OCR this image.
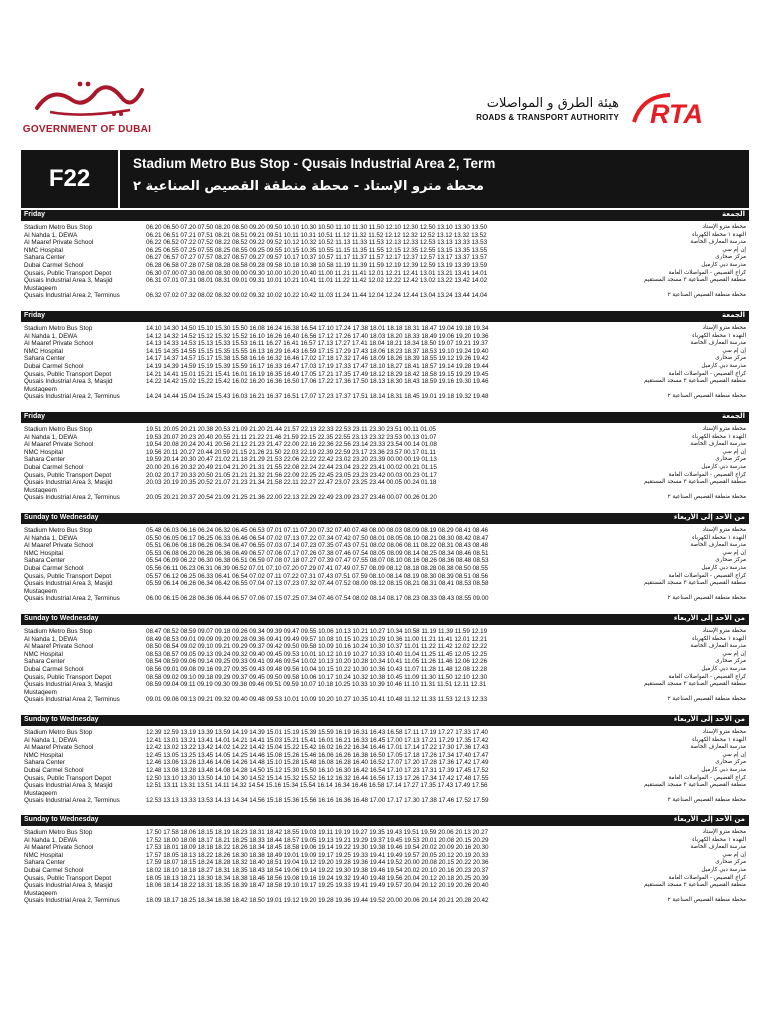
GOVERNMENT OF DUBAI
هيئة الطرق و المواصلات
ROADS & TRANSPORT AUTHORITY RTA
F22
Stadium Metro Bus Stop - Qusais Industrial Area 2, Term
محطة مترو الإستاد - محطة منطقة القصيص الصناعية ٢
Friday	الجمعة
Stadium Metro Bus Stop	06.20 06.50 07.20 07.50 08.20 08.50 09.20 09.50 10.10 10.30 10.50 11.10 11.30 11.50 12.10 12.30 12.50 13.10 13.30 13.50	محطة مترو الإستاد
Al Nahda 1, DEWA	06.21 06.51 07.21 07.51 08.21 08.51 09.21 09.51 10.11 10.31 10.51 11.12 11.32 11.52 12.12 12.32 12.52 13.12 13.32 13.52	النهدة ١ محطة الكهرباء
Al Maaref Private School	06.22 06.52 07.22 07.52 08.22 08.52 09.22 09.52 10.12 10.32 10.52 11.13 11.33 11.53 12.13 12.33 12.53 13.13 13.33 13.53	مدرسة المعارف الخاصة
NMC Hospital	06.25 06.55 07.25 07.55 08.25 08.55 09.25 09.55 10.15 10.35 10.55 11.15 11.35 11.55 12.15 12.35 12.55 13.15 13.35 13.55	إن إم سي
Sahara Center	06.27 06.57 07.27 07.57 08.27 08.57 09.27 09.57 10.17 10.37 10.57 11.17 11.37 11.57 12.17 12.37 12.57 13.17 13.37 13.57	مركز صحارى
Dubai Carmel School	06.28 06.58 07.28 07.58 08.28 08.58 09.28 09.58 10.18 10.38 10.58 11.19 11.39 11.59 12.19 12.39 12.59 13.19 13.39 13.59	مدرسة دبي كارميل
Qusais, Public Transport Depot	06.30 07.00 07.30 08.00 08.30 09.00 09.30 10.00 10.20 10.40 11.00 11.21 11.41 12.01 12.21 12.41 13.01 13.21 13.41 14.01	كراج القصيص - المواصلات العامة
Qusais Industrial Area 3, Masjid Mustaqeem
06.31 07.01 07.31 08.01 08.31 09.01 09.31 10.01 10.21 10.41 11.01 11.22 11.42 12.02 12.22 12.42 13.02 13.22 13.42 14.02	منطقة القصيص الصناعية ٣ مسجد المستقيم
Qusais Industrial Area 2, Terminus	06.32 07.02 07.32 08.02 08.32 09.02 09.32 10.02 10.22 10.42 11.03 11.24 11.44 12.04 12.24 12.44 13.04 13.24 13.44 14.04	محطة منطقة القصيص الصناعية ٢
Friday	الجمعة
Stadium Metro Bus Stop	14.10 14.30 14.50 15.10 15.30 15.50 16.08 16.24 16.38 16.54 17.10 17.24 17.38 18.01 18.18 18.31 18.47 19.04 19.18 19.34	محطة مترو الإستاد
Al Nahda 1, DEWA	14.12 14.32 14.52 15.12 15.32 15.52 16.10 16.26 16.40 16.56 17.12 17.26 17.40 18.03 18.20 18.33 18.49 19.06 19.20 19.36	النهدة ١ محطة الكهرباء
Al Maaref Private School	14.13 14.33 14.53 15.13 15.33 15.53 16.11 16.27 16.41 16.57 17.13 17.27 17.41 18.04 18.21 18.34 18.50 19.07 19.21 19.37	مدرسة المعارف الخاصة
NMC Hospital	14.15 14.35 14.55 15.15 15.35 15.55 16.13 16.29 16.43 16.59 17.15 17.29 17.43 18.06 18.23 18.37 18.53 19.10 19.24 19.40	إن إم سي
Sahara Center	14.17 14.37 14.57 15.17 15.38 15.58 16.16 16.32 16.46 17.02 17.18 17.32 17.46 18.09 18.26 18.39 18.55 19.12 19.26 19.42	مركز صحارى
Dubai Carmel School	14.19 14.39 14.59 15.19 15.39 15.59 16.17 16.33 16.47 17.03 17.19 17.33 17.47 18.10 18.27 18.41 18.57 19.14 19.28 19.44	مدرسة دبي كارميل
Qusais, Public Transport Depot	14.21 14.41 15.01 15.21 15.41 16.01 16.19 16.35 16.49 17.05 17.21 17.35 17.49 18.12 18.29 18.42 18.58 19.15 19.29 19.45	كراج القصيص - المواصلات العامة
Qusais Industrial Area 3, Masjid Mustaqeem
14.22 14.42 15.02 15.22 15.42 16.02 16.20 16.36 16.50 17.06 17.22 17.36 17.50 18.13 18.30 18.43 18.59 19.16 19.30 19.46	منطقة القصيص الصناعية ٣ مسجد المستقيم
Qusais Industrial Area 2, Terminus	14.24 14.44 15.04 15.24 15.43 16.03 16.21 16.37 16.51 17.07 17.23 17.37 17.51 18.14 18.31 18.45 19.01 19.18 19.32 19.48	محطة منطقة القصيص الصناعية ٢
Friday	الجمعة
Stadium Metro Bus Stop	19.51 20.05 20.21 20.38 20.53 21.09 21.20 21.44 21.57 22.13 22.33 22.53 23.11 23.30 23.51 00.11 01.05	محطة مترو الإستاد
Al Nahda 1, DEWA	19.53 20.07 20.23 20.40 20.55 21.11 21.22 21.46 21.59 22.15 22.35 22.55 23.13 23.32 23.53 00.13 01.07	النهدة ١ محطة الكهرباء
Al Maaref Private School	19.54 20.08 20.24 20.41 20.56 21.12 21.23 21.47 22.00 22.16 22.36 22.56 23.14 23.33 23.54 00.14 01.08	مدرسة المعارف الخاصة
NMC Hospital	19.56 20.11 20.27 20.44 20.59 21.15 21.26 21.50 22.03 22.19 22.39 22.59 23.17 23.36 23.57 00.17 01.11	إن إم سي
Sahara Center	19.59 20.14 20.30 20.47 21.02 21.18 21.29 21.53 22.06 22.22 22.42 23.02 23.20 23.39 00.00 00.19 01.13	مركز صحارى
Dubai Carmel School	20.00 20.16 20.32 20.49 21.04 21.20 21.31 21.55 22.08 22.24 22.44 23.04 23.22 23.41 00.02 00.21 01.15	مدرسة دبي كارميل
Qusais, Public Transport Depot	20.02 20.17 20.33 20.50 21.05 21.21 21.32 21.56 22.09 22.25 22.45 23.05 23.23 23.42 00.03 00.23 01.17	كراج القصيص - المواصلات العامة
Qusais Industrial Area 3, Masjid Mustaqeem
20.03 20.19 20.35 20.52 21.07 21.23 21.34 21.58 22.11 22.27 22.47 23.07 23.25 23.44 00.05 00.24 01.18	منطقة القصيص الصناعية ٣ مسجد المستقيم
Qusais Industrial Area 2, Terminus	20.05 20.21 20.37 20.54 21.09 21.25 21.36 22.00 22.13 22.29 22.49 23.09 23.27 23.46 00.07 00.26 01.20	محطة منطقة القصيص الصناعية ٢
Sunday to Wednesday	من الأحد إلى الأربعاء
Stadium Metro Bus Stop	05.48 06.03 06.16 06.24 06.32 06.45 06.53 07.01 07.11 07.20 07.32 07.40 07.48 08.00 08.03 08.09 08.19 08.29 08.41 08.46	محطة مترو الإستاد
Al Nahda 1, DEWA	05.50 06.05 06.17 06.25 06.33 06.46 06.54 07.02 07.13 07.22 07.34 07.42 07.50 08.01 08.05 08.10 08.21 08.30 08.42 08.47	النهدة ١ محطة الكهرباء
Al Maaref Private School	05.51 06.06 06.18 06.26 06.34 06.47 06.55 07.03 07.14 07.23 07.35 07.43 07.51 08.02 08.06 08.11 08.22 08.31 08.43 08.48	مدرسة المعارف الخاصة
NMC Hospital	05.53 06.08 06.20 06.28 06.36 06.49 06.57 07.06 07.17 07.26 07.38 07.46 07.54 08.05 08.09 08.14 08.25 08.34 08.46 08.51	إن إم سي
Sahara Center	05.54 06.09 06.22 06.30 06.38 06.51 06.59 07.08 07.18 07.27 07.39 07.47 07.55 08.07 08.10 08.16 08.26 08.36 08.48 08.53	مركز صحارى
Dubai Carmel School	05.56 06.11 06.23 06.31 06.39 06.52 07.01 07.10 07.20 07.29 07.41 07.49 07.57 08.09 08.12 08.18 08.28 08.38 08.50 08.55	مدرسة دبي كارميل
Qusais, Public Transport Depot	05.57 06.12 06.25 06.33 06.41 06.54 07.02 07.11 07.22 07.31 07.43 07.51 07.59 08.10 08.14 08.19 08.30 08.39 08.51 08.56	كراج القصيص - المواصلات العامة
Qusais Industrial Area 3, Masjid Mustaqeem
05.59 06.14 06.26 06.34 06.42 06.55 07.04 07.13 07.23 07.32 07.44 07.52 08.00 08.12 08.15 08.21 08.31 08.41 08.53 08.58	منطقة القصيص الصناعية ٣ مسجد المستقيم
Qusais Industrial Area 2, Terminus	06.00 06.15 06.28 06.36 06.44 06.57 07.06 07.15 07.25 07.34 07.46 07.54 08.02 08.14 08.17 08.23 08.33 08.43 08.55 09.00	محطة منطقة القصيص الصناعية ٢
Sunday to Wednesday	من الأحد إلى الأربعاء
Stadium Metro Bus Stop	08.47 08.52 08.59 09.07 09.18 09.26 09.34 09.39 09.47 09.55 10.06 10.13 10.21 10.27 10.34 10.58 11.19 11.39 11.59 12.19	محطة مترو الإستاد
Al Nahda 1, DEWA	08.49 08.53 09.01 09.09 09.20 09.28 09.36 09.41 09.49 09.57 10.08 10.15 10.23 10.29 10.36 11.00 11.21 11.41 12.01 12.21	النهدة ١ محطة الكهرباء
Al Maaref Private School	08.50 08.54 09.02 09.10 09.21 09.29 09.37 09.42 09.50 09.58 10.09 10.16 10.24 10.30 10.37 11.01 11.22 11.42 12.02 12.22	مدرسة المعارف الخاصة
NMC Hospital	08.53 08.57 09.05 09.13 09.24 09.32 09.40 09.45 09.53 10.01 10.12 10.19 10.27 10.33 10.40 11.04 11.25 11.45 12.05 12.25	إن إم سي
Sahara Center	08.54 08.59 09.06 09.14 09.25 09.33 09.41 09.46 09.54 10.02 10.13 10.20 10.28 10.34 10.41 11.05 11.26 11.46 12.06 12.26	مركز صحارى
Dubai Carmel School	08.56 09.01 09.08 09.16 09.27 09.35 09.43 09.48 09.56 10.04 10.15 10.22 10.30 10.36 10.43 11.07 11.28 11.48 12.08 12.28	مدرسة دبي كارميل
Qusais, Public Transport Depot	08.58 09.02 09.10 09.18 09.29 09.37 09.45 09.50 09.58 10.06 10.17 10.24 10.32 10.38 10.45 11.09 11.30 11.50 12.10 12.30	كراج القصيص - المواصلات العامة
Qusais Industrial Area 3, Masjid Mustaqeem
08.59 09.04 09.11 09.19 09.30 09.38 09.46 09.51 09.59 10.07 10.18 10.25 10.33 10.39 10.46 11.10 11.31 11.51 12.11 12.31	منطقة القصيص الصناعية ٣ مسجد المستقيم
Qusais Industrial Area 2, Terminus	09.01 09.06 09.13 09.21 09.32 09.40 09.48 09.53 10.01 10.09 10.20 10.27 10.35 10.41 10.48 11.12 11.33 11.53 12.13 12.33	محطة منطقة القصيص الصناعية ٢
Sunday to Wednesday	من الأحد إلى الأربعاء
Stadium Metro Bus Stop	12.39 12.59 13.19 13.39 13.59 14.19 14.39 15.01 15.19 15.39 15.59 16.19 16.31 16.43 16.58 17.11 17.19 17.27 17.33 17.40	محطة مترو الإستاد
Al Nahda 1, DEWA	12.41 13.01 13.21 13.41 14.01 14.21 14.41 15.03 15.21 15.41 16.01 16.21 16.33 16.45 17.00 17.13 17.21 17.29 17.35 17.42	النهدة ١ محطة الكهرباء
Al Maaref Private School	12.42 13.02 13.22 13.42 14.02 14.22 14.42 15.04 15.22 15.42 16.02 16.22 16.34 16.46 17.01 17.14 17.22 17.30 17.36 17.43	مدرسة المعارف الخاصة
NMC Hospital	12.45 13.05 13.25 13.45 14.05 14.25 14.46 15.08 15.26 15.46 16.06 16.26 16.38 16.50 17.05 17.18 17.26 17.34 17.40 17.47	إن إم سي
Sahara Center	12.46 13.06 13.26 13.46 14.06 14.26 14.48 15.10 15.28 15.48 16.08 16.28 16.40 16.52 17.07 17.20 17.28 17.36 17.42 17.49	مركز صحارى
Dubai Carmel School	12.48 13.08 13.28 13.48 14.08 14.28 14.50 15.12 15.30 15.50 16.10 16.30 16.42 16.54 17.10 17.23 17.31 17.39 17.45 17.52	مدرسة دبي كارميل
Qusais, Public Transport Depot	12.50 13.10 13.30 13.50 14.10 14.30 14.52 15.14 15.32 15.52 16.12 16.32 16.44 16.56 17.13 17.26 17.34 17.42 17.48 17.55	كراج القصيص - المواصلات العامة
Qusais Industrial Area 3, Masjid Mustaqeem
12.51 13.11 13.31 13.51 14.11 14.32 14.54 15.16 15.34 15.54 16.14 16.34 16.46 16.58 17.14 17.27 17.35 17.43 17.49 17.56	منطقة القصيص الصناعية ٣ مسجد المستقيم
Qusais Industrial Area 2, Terminus	12.53 13.13 13.33 13.53 14.13 14.34 14.56 15.18 15.36 15.56 16.16 16.36 16.48 17.00 17.17 17.30 17.38 17.46 17.52 17.59	محطة منطقة القصيص الصناعية ٢
Sunday to Wednesday	من الأحد إلى الأربعاء
Stadium Metro Bus Stop	17.50 17.58 18.06 18.15 18.19 18.23 18.31 18.42 18.55 19.03 19.11 19.19 19.27 19.35 19.43 19.51 19.59 20.06 20.13 20.27	محطة مترو الإستاد
Al Nahda 1, DEWA	17.52 18.00 18.08 18.17 18.21 18.25 18.33 18.44 18.57 19.05 19.13 19.21 19.29 19.37 19.45 19.53 20.01 20.08 20.15 20.29	النهدة ١ محطة الكهرباء
Al Maaref Private School	17.53 18.01 18.09 18.18 18.22 18.26 18.34 18.45 18.58 19.06 19.14 19.22 19.30 19.38 19.46 19.54 20.02 20.09 20.16 20.30	مدرسة المعارف الخاصة
NMC Hospital	17.57 18.05 18.13 18.22 18.26 18.30 18.38 18.49 19.01 19.09 19.17 19.25 19.33 19.41 19.49 19.57 20.05 20.12 20.19 20.33	إن إم سي
Sahara Center	17.59 18.07 18.15 18.24 18.28 18.32 18.40 18.51 19.04 19.12 19.20 19.28 19.36 19.44 19.52 20.00 20.08 20.15 20.22 20.36	مركز صحارى
Dubai Carmel School	18.02 18.10 18.18 18.27 18.31 18.35 18.43 18.54 19.06 19.14 19.22 19.30 19.38 19.46 19.54 20.02 20.10 20.16 20.23 20.37	مدرسة دبي كارميل
Qusais, Public Transport Depot	18.05 18.13 18.21 18.30 18.34 18.38 18.46 18.56 19.08 19.16 19.24 19.32 19.40 19.48 19.56 20.04 20.12 20.18 20.25 20.39	كراج القصيص - المواصلات العامة
Qusais Industrial Area 3, Masjid Mustaqeem
18.06 18.14 18.22 18.31 18.35 18.39 18.47 18.58 19.10 19.17 19.25 19.33 19.41 19.49 19.57 20.04 20.12 20.19 20.26 20.40	منطقة القصيص الصناعية ٣ مسجد المستقيم
Qusais Industrial Area 2, Terminus	18.09 18.17 18.25 18.34 18.38 18.42 18.50 19.01 19.12 19.20 19.28 19.36 19.44 19.52 20.00 20.06 20.14 20.21 20.28 20.42	محطة منطقة القصيص الصناعية ٢
